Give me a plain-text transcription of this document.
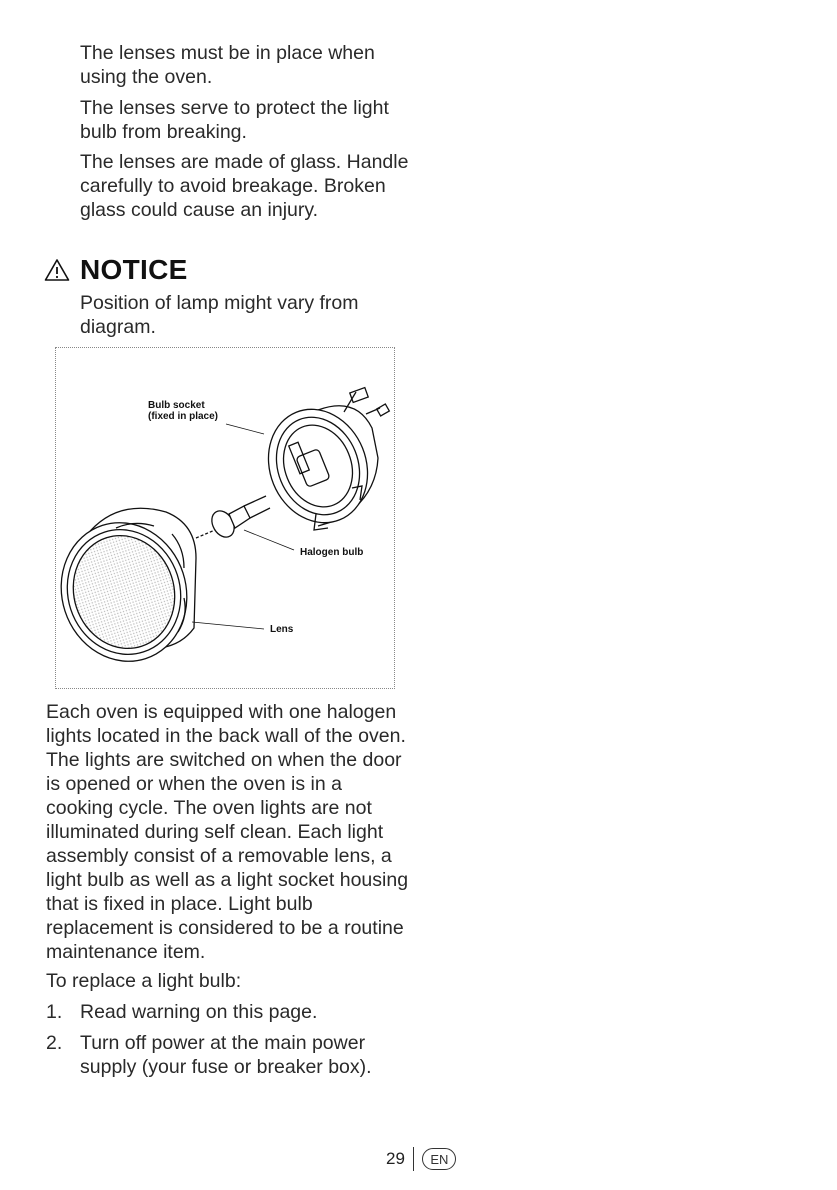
The lenses must be in place when using the oven.

The lenses serve to protect the light bulb from breaking.

The lenses are made of glass. Handle carefully to avoid breakage. Broken glass could cause an injury.

NOTICE

Position of lamp might vary from diagram.

Bulb socket
(fixed in place)
Halogen bulb
Lens

Each oven is equipped with one halogen lights located in the back wall of the oven. The lights are switched on when the door is opened or when the oven is in a cooking cycle. The oven lights are not illuminated during self clean. Each light assembly consist of a removable lens, a light bulb as well as a light socket housing that is fixed in place. Light bulb replacement is considered to be a routine maintenance item.

To replace a light bulb:

1. Read warning on this page.
2. Turn off power at the main power supply (your fuse or breaker box).
29	EN
